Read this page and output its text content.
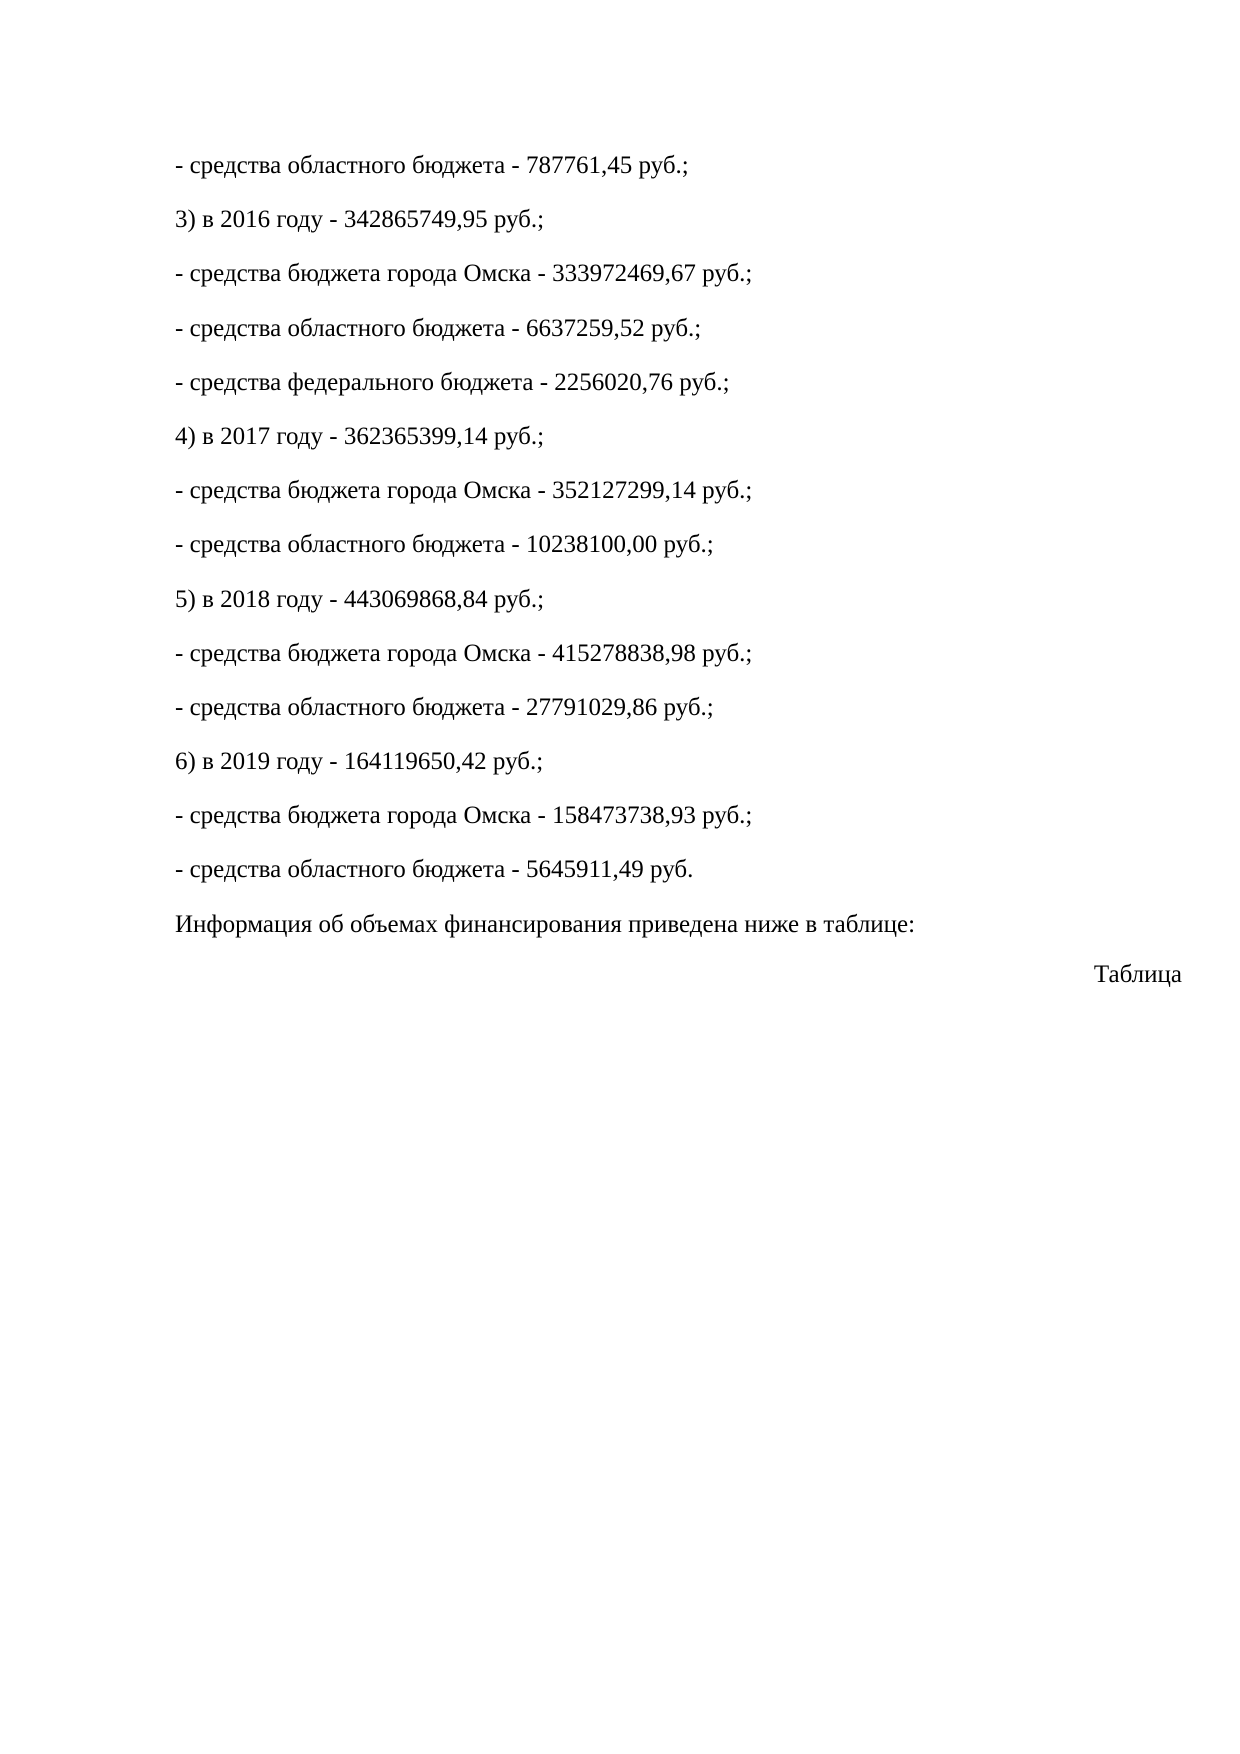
- средства областного бюджета - 787761,45 руб.;
3) в 2016 году - 342865749,95 руб.;
- средства бюджета города Омска - 333972469,67 руб.;
- средства областного бюджета - 6637259,52 руб.;
- средства федерального бюджета - 2256020,76 руб.;
4) в 2017 году - 362365399,14 руб.;
- средства бюджета города Омска - 352127299,14 руб.;
- средства областного бюджета - 10238100,00 руб.;
5) в 2018 году - 443069868,84 руб.;
- средства бюджета города Омска - 415278838,98 руб.;
- средства областного бюджета - 27791029,86 руб.;
6) в 2019 году - 164119650,42 руб.;
- средства бюджета города Омска - 158473738,93 руб.;
- средства областного бюджета - 5645911,49 руб.
Информация об объемах финансирования приведена ниже в таблице:
Таблица
